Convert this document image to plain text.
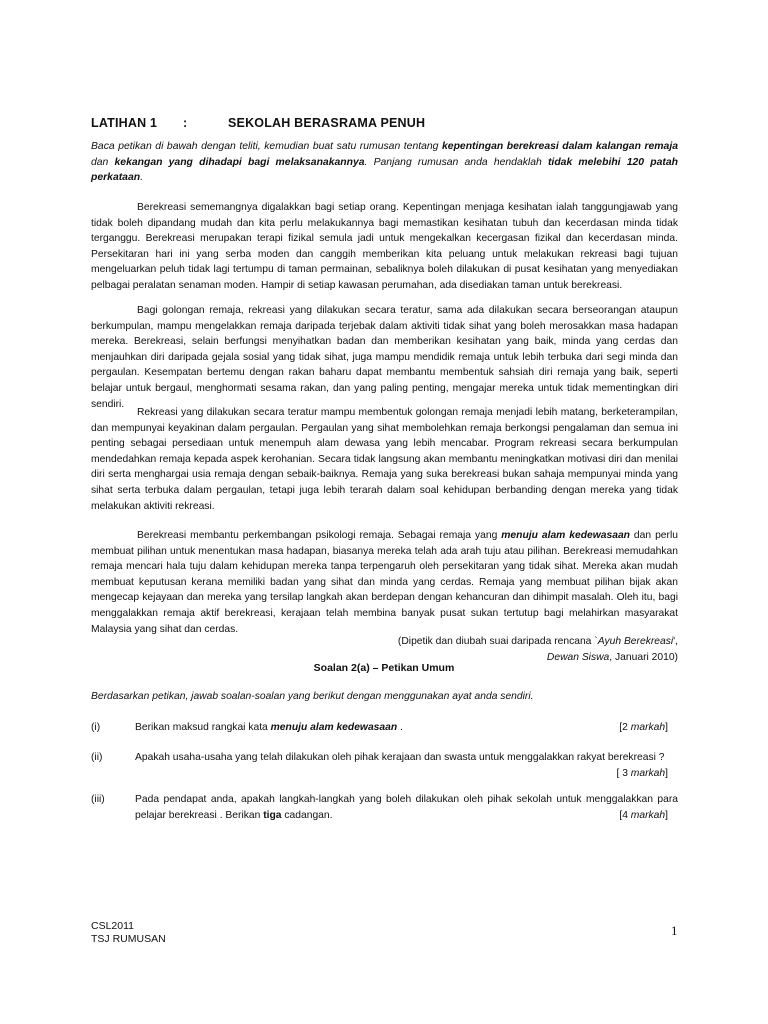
LATIHAN 1 :	SEKOLAH BERASRAMA PENUH
Baca petikan di bawah dengan teliti, kemudian buat satu rumusan tentang kepentingan berekreasi dalam kalangan remaja dan kekangan yang dihadapi bagi melaksanakannya. Panjang rumusan anda hendaklah tidak melebihi 120 patah perkataan.
Berekreasi sememangnya digalakkan bagi setiap orang. Kepentingan menjaga kesihatan ialah tanggungjawab yang tidak boleh dipandang mudah dan kita perlu melakukannya bagi memastikan kesihatan tubuh dan kecerdasan minda tidak terganggu. Berekreasi merupakan terapi fizikal semula jadi untuk mengekalkan kecergasan fizikal dan kecerdasan minda. Persekitaran hari ini yang serba moden dan canggih memberikan kita peluang untuk melakukan rekreasi bagi tujuan mengeluarkan peluh tidak lagi tertumpu di taman permainan, sebaliknya boleh dilakukan di pusat kesihatan yang menyediakan pelbagai peralatan senaman moden. Hampir di setiap kawasan perumahan, ada disediakan taman untuk berekreasi.
Bagi golongan remaja, rekreasi yang dilakukan secara teratur, sama ada dilakukan secara berseorangan ataupun berkumpulan, mampu mengelakkan remaja daripada terjebak dalam aktiviti tidak sihat yang boleh merosakkan masa hadapan mereka. Berekreasi, selain berfungsi menyihatkan badan dan memberikan kesihatan yang baik, minda yang cerdas dan menjauhkan diri daripada gejala sosial yang tidak sihat, juga mampu mendidik remaja untuk lebih terbuka dari segi minda dan pergaulan. Kesempatan bertemu dengan rakan baharu dapat membantu membentuk sahsiah diri remaja yang baik, seperti belajar untuk bergaul, menghormati sesama rakan, dan yang paling penting, mengajar mereka untuk tidak mementingkan diri sendiri.
Rekreasi yang dilakukan secara teratur mampu membentuk golongan remaja menjadi lebih matang, berketerampilan, dan mempunyai keyakinan dalam pergaulan. Pergaulan yang sihat membolehkan remaja berkongsi pengalaman dan semua ini penting sebagai persediaan untuk menempuh alam dewasa yang lebih mencabar. Program rekreasi secara berkumpulan mendedahkan remaja kepada aspek kerohanian. Secara tidak langsung akan membantu meningkatkan motivasi diri dan menilai diri serta menghargai usia remaja dengan sebaik-baiknya. Remaja yang suka berekreasi bukan sahaja mempunyai minda yang sihat serta terbuka dalam pergaulan, tetapi juga lebih terarah dalam soal kehidupan berbanding dengan mereka yang tidak melakukan aktiviti rekreasi.
Berekreasi membantu perkembangan psikologi remaja. Sebagai remaja yang menuju alam kedewasaan dan perlu membuat pilihan untuk menentukan masa hadapan, biasanya mereka telah ada arah tuju atau pilihan. Berekreasi memudahkan remaja mencari hala tuju dalam kehidupan mereka tanpa terpengaruh oleh persekitaran yang tidak sihat. Mereka akan mudah membuat keputusan kerana memiliki badan yang sihat dan minda yang cerdas. Remaja yang membuat pilihan bijak akan mengecap kejayaan dan mereka yang tersilap langkah akan berdepan dengan kehancuran dan dihimpit masalah. Oleh itu, bagi menggalakkan remaja aktif berekreasi, kerajaan telah membina banyak pusat sukan tertutup bagi melahirkan masyarakat Malaysia yang sihat dan cerdas.
(Dipetik dan diubah suai daripada rencana `Ayuh Berekreasi',
Dewan Siswa, Januari 2010)
Soalan 2(a) – Petikan Umum
Berdasarkan petikan, jawab soalan-soalan yang berikut dengan menggunakan ayat anda sendiri.
(i)	Berikan maksud rangkai kata menuju alam kedewasaan .	[2 markah]
(ii)	Apakah usaha-usaha yang telah dilakukan oleh pihak kerajaan dan swasta untuk menggalakkan rakyat berekreasi ?
[ 3 markah]
(iii)	Pada pendapat anda, apakah langkah-langkah yang boleh dilakukan oleh pihak sekolah untuk menggalakkan para pelajar berekreasi . Berikan tiga cadangan.	[4 markah]
CSL2011
TSJ RUMUSAN
1
